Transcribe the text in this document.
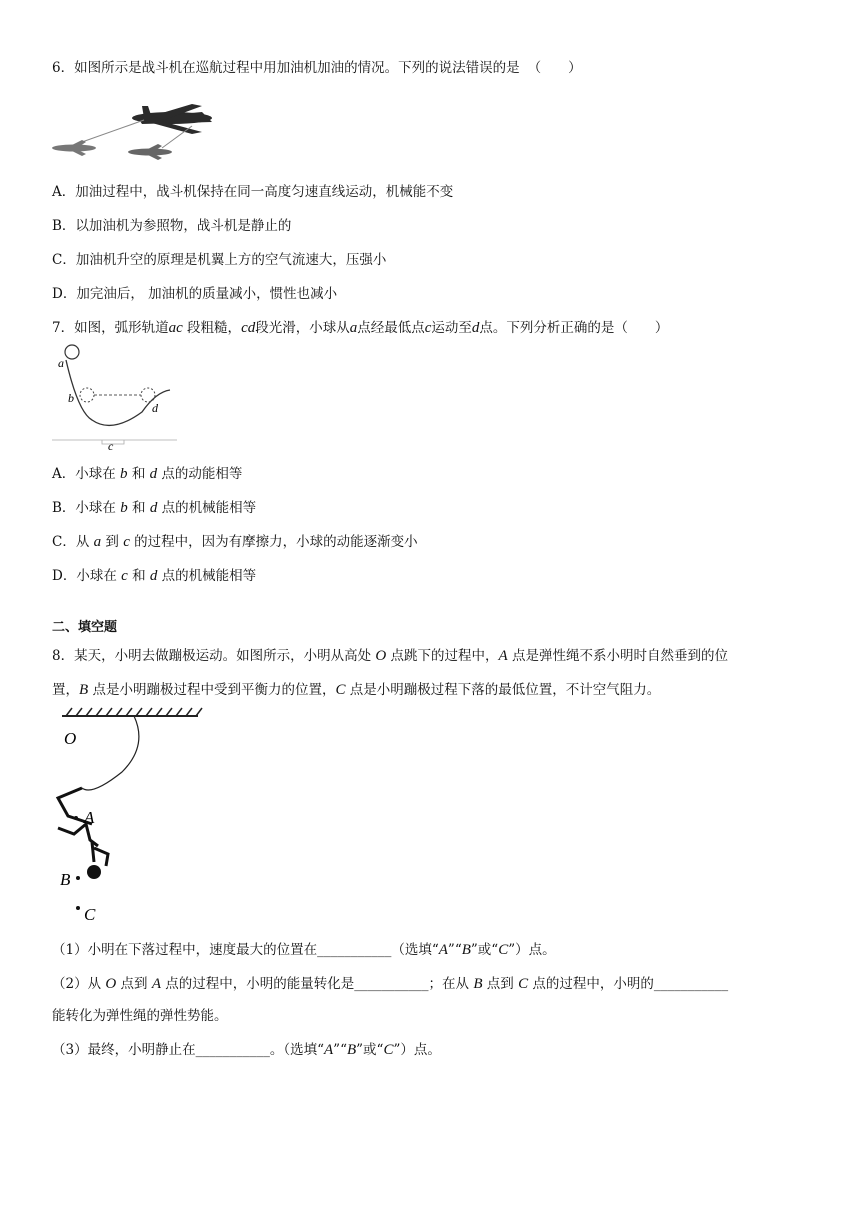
6．如图所示是战斗机在巡航过程中用加油机加油的情况。下列的说法错误的是 （　　）
A．加油过程中，战斗机保持在同一高度匀速直线运动，机械能不变
B．以加油机为参照物，战斗机是静止的
C．加油机升空的原理是机翼上方的空气流速大，压强小
D．加完油后， 加油机的质量减小，惯性也减小
7．如图，弧形轨道ac 段粗糙，cd段光滑，小球从a点经最低点c运动至d点。下列分析正确的是（　　）
a
b
c
d
A．小球在 b 和 d 点的动能相等
B．小球在 b 和 d 点的机械能相等
C．从 a 到 c 的过程中，因为有摩擦力，小球的动能逐渐变小
D．小球在 c 和 d 点的机械能相等
二、填空题
8．某天，小明去做蹦极运动。如图所示，小明从高处 O 点跳下的过程中，A 点是弹性绳不系小明时自然垂到的位
置，B 点是小明蹦极过程中受到平衡力的位置，C 点是小明蹦极过程下落的最低位置，不计空气阻力。
O
A
B
C
（1）小明在下落过程中，速度最大的位置在___________（选填“A”“B”或“C”）点。
（2）从 O 点到 A 点的过程中，小明的能量转化是___________；在从 B 点到 C 点的过程中，小明的___________
能转化为弹性绳的弹性势能。
（3）最终，小明静止在___________。（选填“A”“B”或“C”）点。
